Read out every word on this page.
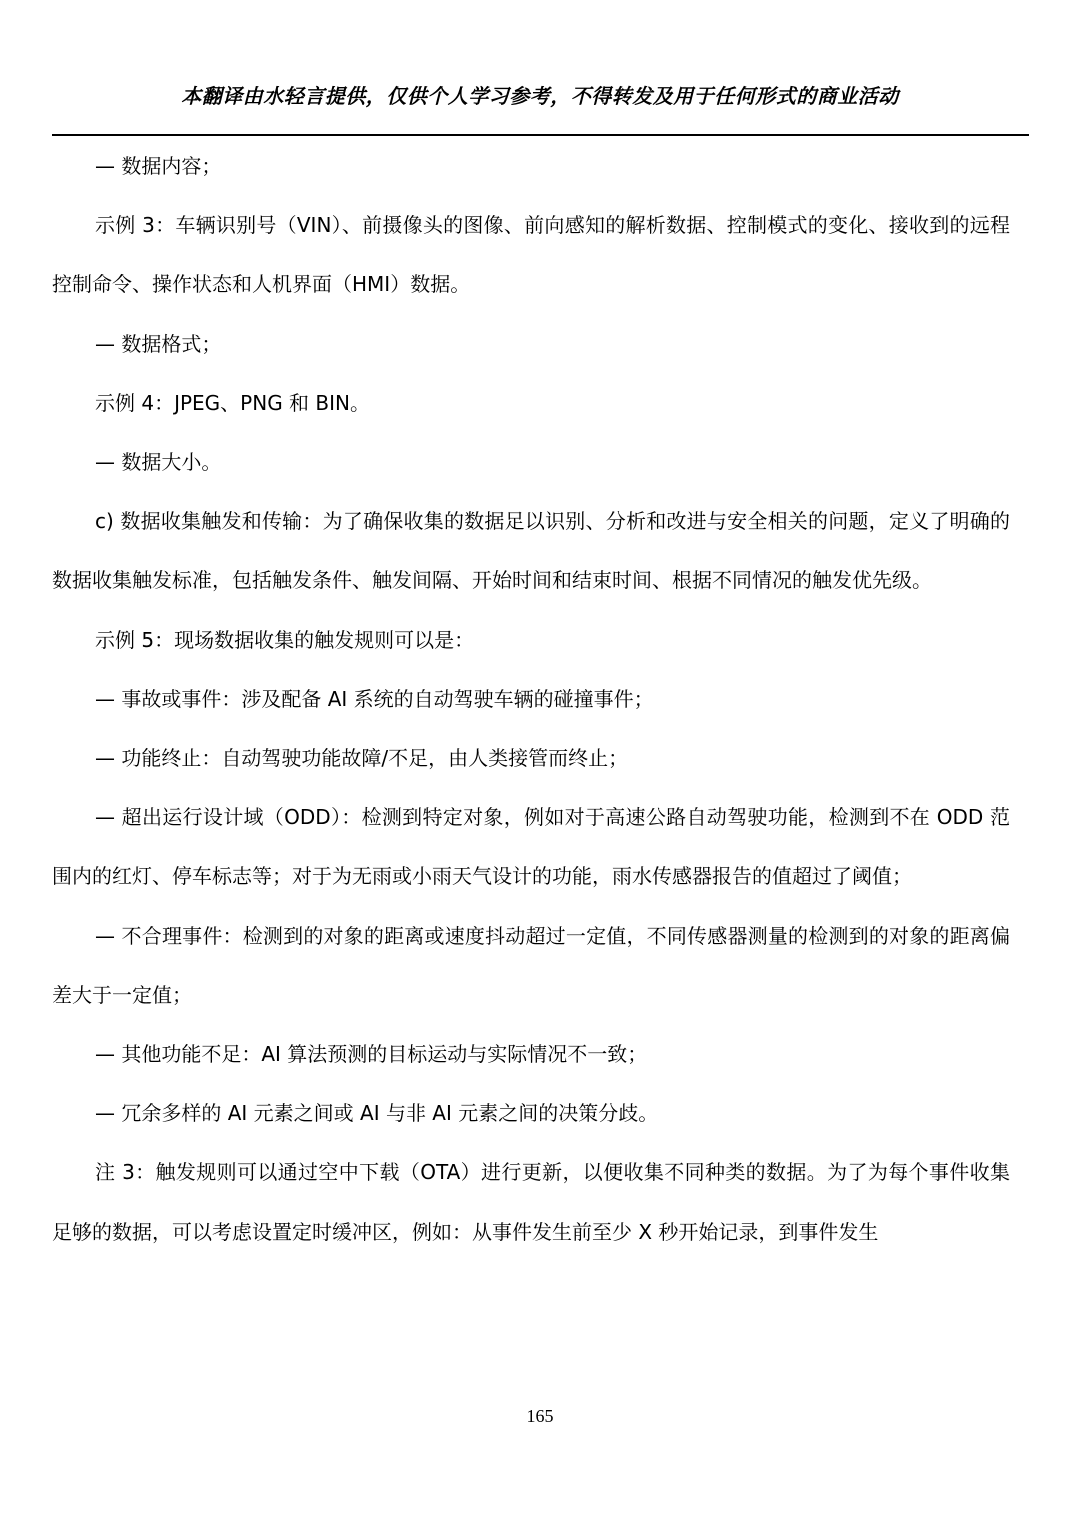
本翻译由水轻言提供，仅供个人学习参考，不得转发及用于任何形式的商业活动

— 数据内容；

示例 3：车辆识别号（VIN）、前摄像头的图像、前向感知的解析数据、控制模式的变化、接收到的远程控制命令、操作状态和人机界面（HMI）数据。

— 数据格式；

示例 4：JPEG、PNG 和 BIN。

— 数据大小。

c) 数据收集触发和传输：为了确保收集的数据足以识别、分析和改进与安全相关的问题，定义了明确的数据收集触发标准，包括触发条件、触发间隔、开始时间和结束时间、根据不同情况的触发优先级。

示例 5：现场数据收集的触发规则可以是：

— 事故或事件：涉及配备 AI 系统的自动驾驶车辆的碰撞事件；

— 功能终止：自动驾驶功能故障/不足，由人类接管而终止；

— 超出运行设计域（ODD）：检测到特定对象，例如对于高速公路自动驾驶功能，检测到不在 ODD 范围内的红灯、停车标志等；对于为无雨或小雨天气设计的功能，雨水传感器报告的值超过了阈值；

— 不合理事件：检测到的对象的距离或速度抖动超过一定值，不同传感器测量的检测到的对象的距离偏差大于一定值；

— 其他功能不足：AI 算法预测的目标运动与实际情况不一致；

— 冗余多样的 AI 元素之间或 AI 与非 AI 元素之间的决策分歧。

注 3：触发规则可以通过空中下载（OTA）进行更新，以便收集不同种类的数据。为了为每个事件收集足够的数据，可以考虑设置定时缓冲区，例如：从事件发生前至少 X 秒开始记录，到事件发生

165
